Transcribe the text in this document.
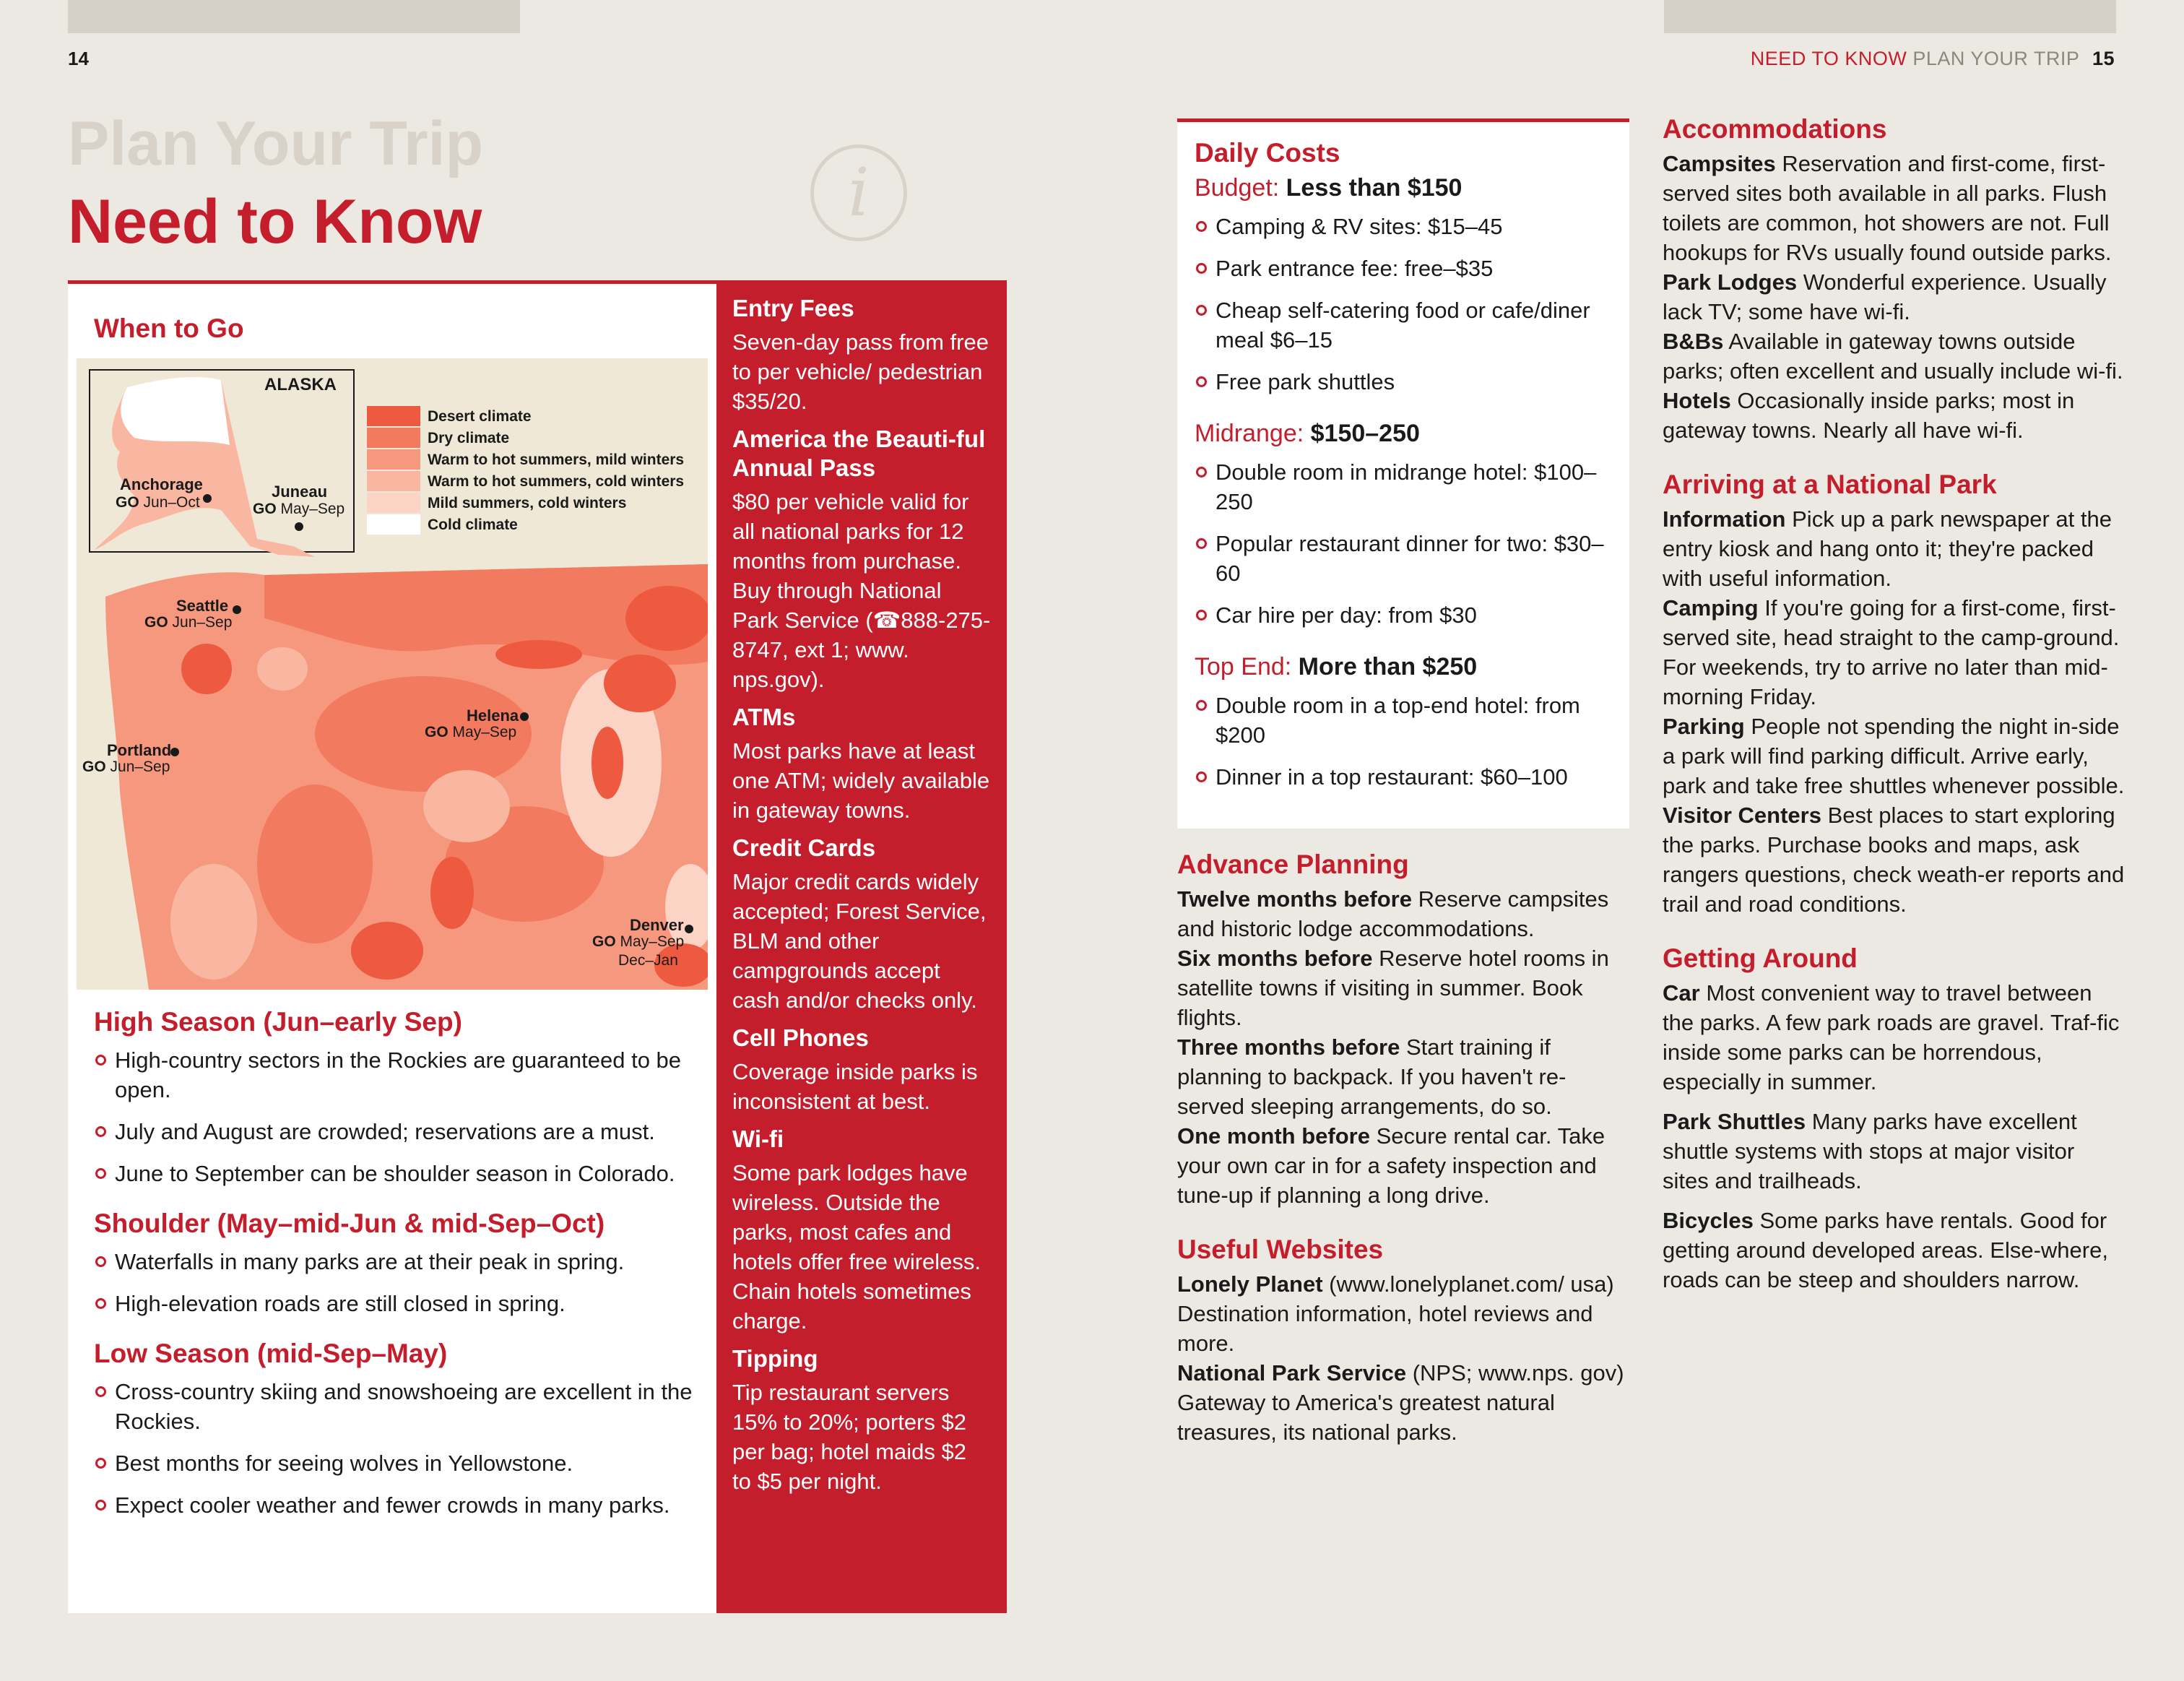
14	NEED TO KNOW PLAN YOUR TRIP 15
Plan Your Trip
Need to Know	i
When to Go
ALASKA
Desert climate
Dry climate
Warm to hot summers, mild winters
Warm to hot summers, cold winters
Mild summers, cold winters
Cold climate
Anchorage
GO Jun–Oct
Juneau
GO May–Sep
Seattle
GO Jun–Sep
Helena
GO May–Sep
Portland
GO Jun–Sep
Denver
GO May–Sep
Dec–Jan
High Season (Jun–early Sep)
High-country sectors in the Rockies are guaranteed to be open.
July and August are crowded; reservations are a must.
June to September can be shoulder season in Colorado.
Shoulder (May–mid-Jun & mid-Sep–Oct)
Waterfalls in many parks are at their peak in spring.
High-elevation roads are still closed in spring.
Low Season (mid-Sep–May)
Cross-country skiing and snowshoeing are excellent in the Rockies.
Best months for seeing wolves in Yellowstone.
Expect cooler weather and fewer crowds in many parks.
Entry Fees
Seven-day pass from free to per vehicle/ pedestrian $35/20.
America the Beauti-ful Annual Pass
$80 per vehicle valid for all national parks for 12 months from purchase. Buy through National Park Service (☎888-275-8747, ext 1; www. nps.gov).
ATMs
Most parks have at least one ATM; widely available in gateway towns.
Credit Cards
Major credit cards widely accepted; Forest Service, BLM and other campgrounds accept cash and/or checks only.
Cell Phones
Coverage inside parks is inconsistent at best.
Wi-fi
Some park lodges have wireless. Outside the parks, most cafes and hotels offer free wireless. Chain hotels sometimes charge.
Tipping
Tip restaurant servers 15% to 20%; porters $2 per bag; hotel maids $2 to $5 per night.
Daily Costs
Budget: Less than $150
Camping & RV sites: $15–45
Park entrance fee: free–$35
Cheap self-catering food or cafe/diner meal $6–15
Free park shuttles
Midrange: $150–250
Double room in midrange hotel: $100–250
Popular restaurant dinner for two: $30–60
Car hire per day: from $30
Top End: More than $250
Double room in a top-end hotel: from $200
Dinner in a top restaurant: $60–100
Advance Planning
Twelve months before Reserve campsites and historic lodge accommodations.
Six months before Reserve hotel rooms in satellite towns if visiting in summer. Book flights.
Three months before Start training if planning to backpack. If you haven't re-served sleeping arrangements, do so.
One month before Secure rental car. Take your own car in for a safety inspection and tune-up if planning a long drive.
Useful Websites
Lonely Planet (www.lonelyplanet.com/ usa) Destination information, hotel reviews and more.
National Park Service (NPS; www.nps. gov) Gateway to America's greatest natural treasures, its national parks.
Accommodations
Campsites Reservation and first-come, first-served sites both available in all parks. Flush toilets are common, hot showers are not. Full hookups for RVs usually found outside parks.
Park Lodges Wonderful experience. Usually lack TV; some have wi-fi.
B&Bs Available in gateway towns outside parks; often excellent and usually include wi-fi.
Hotels Occasionally inside parks; most in gateway towns. Nearly all have wi-fi.
Arriving at a National Park
Information Pick up a park newspaper at the entry kiosk and hang onto it; they're packed with useful information.
Camping If you're going for a first-come, first-served site, head straight to the camp-ground. For weekends, try to arrive no later than mid-morning Friday.
Parking People not spending the night in-side a park will find parking difficult. Arrive early, park and take free shuttles whenever possible.
Visitor Centers Best places to start exploring the parks. Purchase books and maps, ask rangers questions, check weath-er reports and trail and road conditions.
Getting Around
Car Most convenient way to travel between the parks. A few park roads are gravel. Traf-fic inside some parks can be horrendous, especially in summer.
Park Shuttles Many parks have excellent shuttle systems with stops at major visitor sites and trailheads.
Bicycles Some parks have rentals. Good for getting around developed areas. Else-where, roads can be steep and shoulders narrow.
